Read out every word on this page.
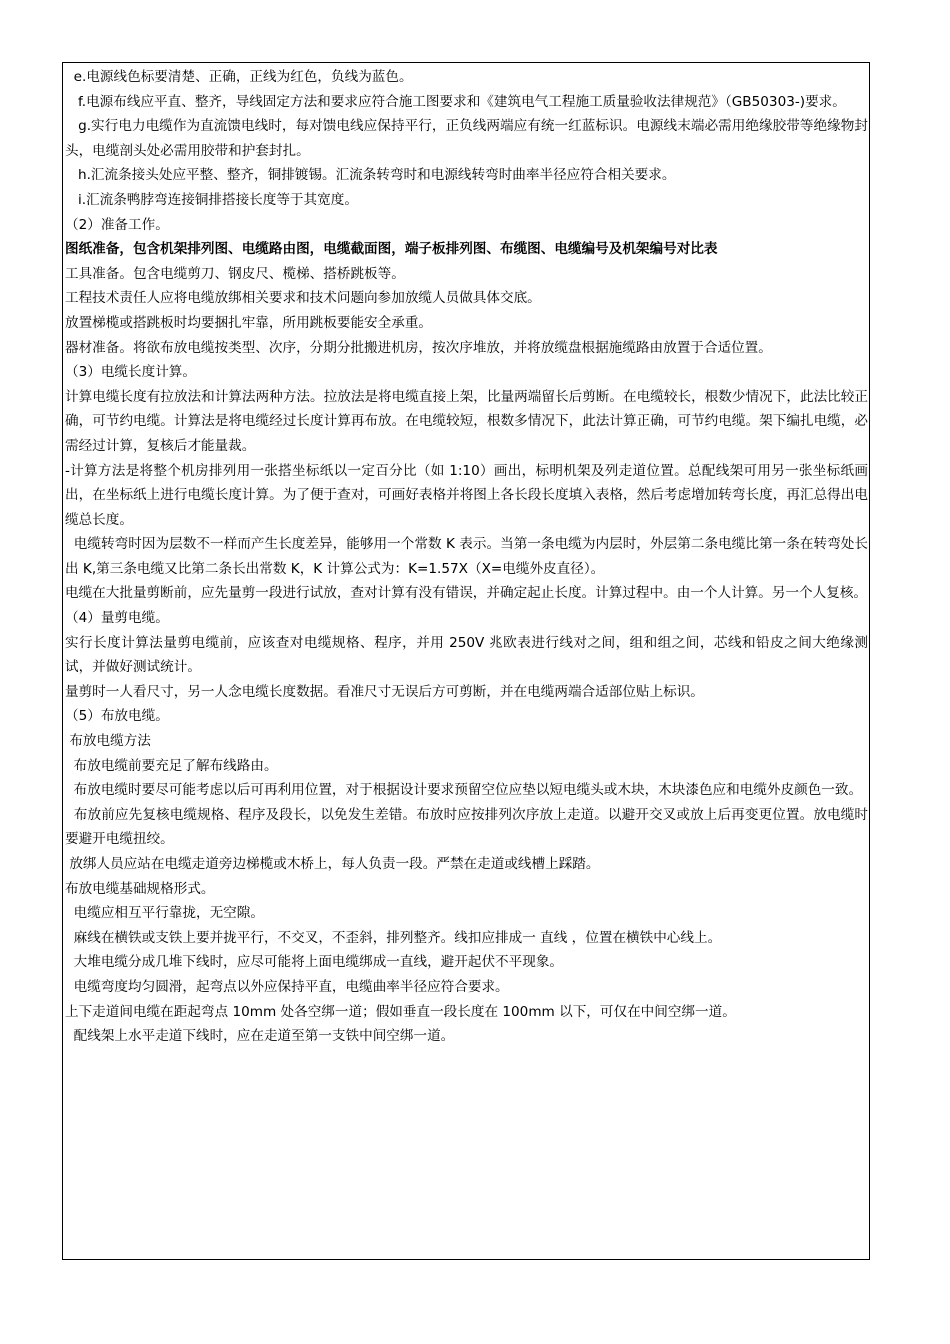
e.电源线色标要清楚、正确，正线为红色，负线为蓝色。

f.电源布线应平直、整齐，导线固定方法和要求应符合施工图要求和《建筑电气工程施工质量验收法律规范》（GB50303-)要求。

g.实行电力电缆作为直流馈电线时，每对馈电线应保持平行，正负线两端应有统一红蓝标识。电源线末端必需用绝缘胶带等绝缘物封头，电缆剖头处必需用胶带和护套封扎。

h.汇流条接头处应平整、整齐，铜排镀锡。汇流条转弯时和电源线转弯时曲率半径应符合相关要求。

i.汇流条鸭脖弯连接铜排搭接长度等于其宽度。

（2）准备工作。

图纸准备，包含机架排列图、电缆路由图，电缆截面图，端子板排列图、布缆图、电缆编号及机架编号对比表

工具准备。包含电缆剪刀、钢皮尺、榄梯、搭桥跳板等。

工程技术责任人应将电缆放绑相关要求和技术问题向参加放缆人员做具体交底。

放置梯榄或搭跳板时均要捆扎牢靠，所用跳板要能安全承重。

器材准备。将欲布放电缆按类型、次序，分期分批搬进机房，按次序堆放，并将放缆盘根据施缆路由放置于合适位置。

（3）电缆长度计算。

计算电缆长度有拉放法和计算法两种方法。拉放法是将电缆直接上架，比量两端留长后剪断。在电缆较长，根数少情况下，此法比较正确，可节约电缆。计算法是将电缆经过长度计算再布放。在电缆较短，根数多情况下，此法计算正确，可节约电缆。架下编扎电缆，必需经过计算，复核后才能量裁。

-计算方法是将整个机房排列用一张搭坐标纸以一定百分比（如 1:10）画出，标明机架及列走道位置。总配线架可用另一张坐标纸画出，在坐标纸上进行电缆长度计算。为了便于查对，可画好表格并将图上各长段长度填入表格，然后考虑增加转弯长度，再汇总得出电缆总长度。

电缆转弯时因为层数不一样而产生长度差异，能够用一个常数 K 表示。当第一条电缆为内层时，外层第二条电缆比第一条在转弯处长出 K,第三条电缆又比第二条长出常数 K，K 计算公式为：K=1.57X（X=电缆外皮直径）。

电缆在大批量剪断前，应先量剪一段进行试放，查对计算有没有错误，并确定起止长度。计算过程中。由一个人计算。另一个人复核。

（4）量剪电缆。

实行长度计算法量剪电缆前，应该查对电缆规格、程序，并用 250V 兆欧表进行线对之间，组和组之间，芯线和铅皮之间大绝缘测试，并做好测试统计。

量剪时一人看尺寸，另一人念电缆长度数据。看准尺寸无误后方可剪断，并在电缆两端合适部位贴上标识。

（5）布放电缆。

布放电缆方法

布放电缆前要充足了解布线路由。

布放电缆时要尽可能考虑以后可再利用位置，对于根据设计要求预留空位应垫以短电缆头或木块，木块漆色应和电缆外皮颜色一致。

布放前应先复核电缆规格、程序及段长，以免发生差错。布放时应按排列次序放上走道。以避开交叉或放上后再变更位置。放电缆时要避开电缆扭绞。

放绑人员应站在电缆走道旁边梯榄或木桥上，每人负责一段。严禁在走道或线槽上踩踏。

布放电缆基础规格形式。

电缆应相互平行靠拢，无空隙。

麻线在横铁或支铁上要并拢平行，不交叉，不歪斜，排列整齐。线扣应排成一 直线 ，位置在横铁中心线上。

大堆电缆分成几堆下线时，应尽可能将上面电缆绑成一直线，避开起伏不平现象。

电缆弯度均匀圆滑，起弯点以外应保持平直，电缆曲率半径应符合要求。

上下走道间电缆在距起弯点 10mm 处各空绑一道；假如垂直一段长度在 100mm 以下，可仅在中间空绑一道。

配线架上水平走道下线时，应在走道至第一支铁中间空绑一道。
